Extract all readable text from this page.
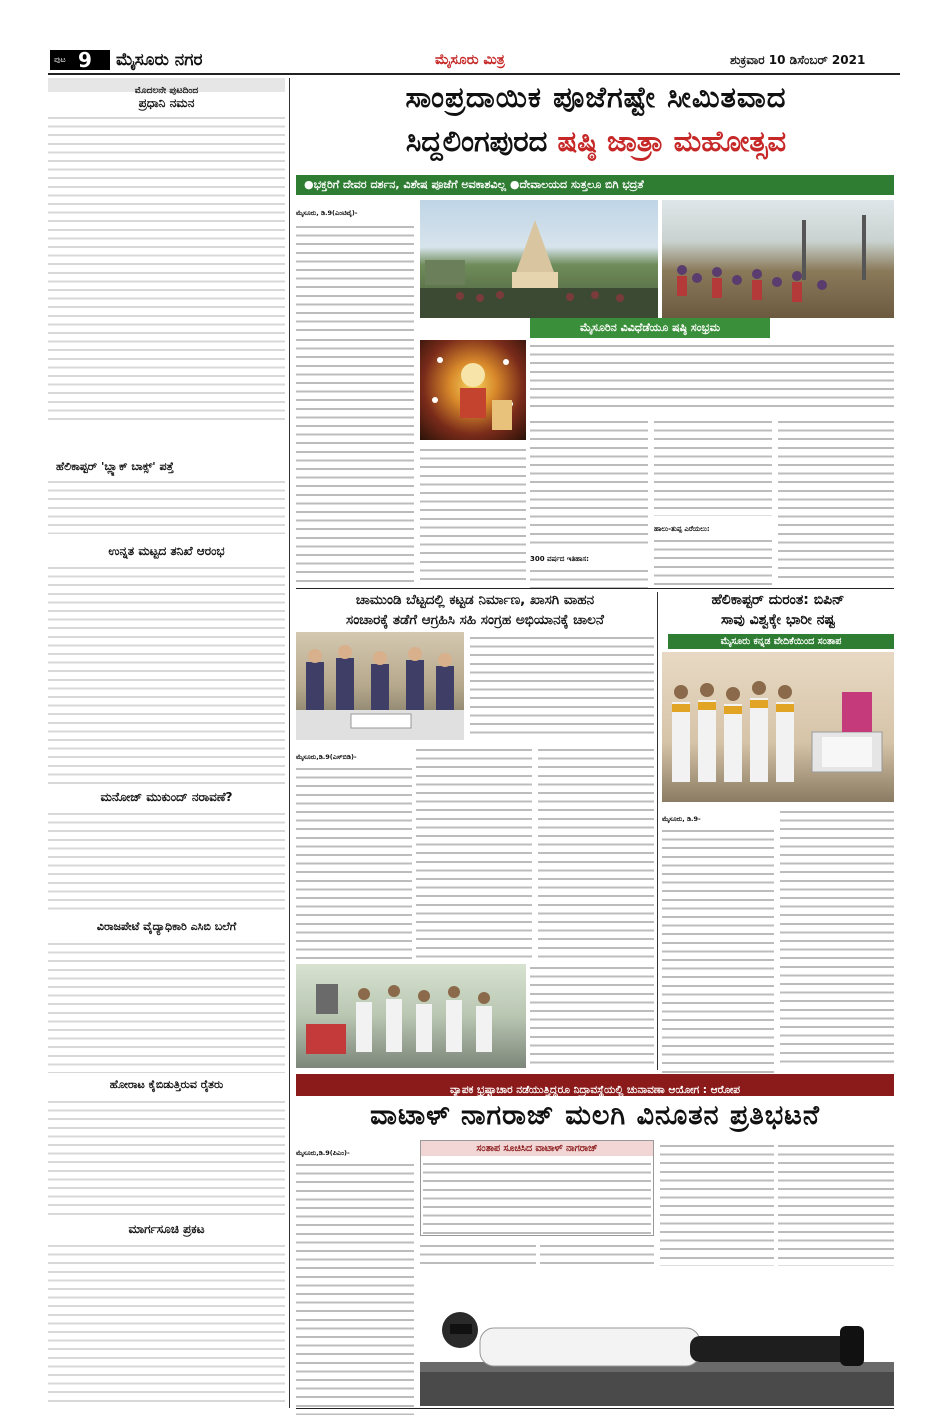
ಪುಟ 9 ಮೈಸೂರು ನಗರ	ಮೈಸೂರು ಮಿತ್ರ	ಶುಕ್ರವಾರ 10 ಡಿಸೆಂಬರ್ 2021
ಮೊದಲನೇ ಪುಟದಿಂದ
ಪ್ರಧಾನಿ ನಮನ
ಹೆಲಿಕಾಪ್ಟರ್ 'ಬ್ಲ್ಯಾಕ್ ಬಾಕ್ಸ್' ಪತ್ತೆ
ಉನ್ನತ ಮಟ್ಟದ ತನಿಖೆ ಆರಂಭ
ಮನೋಜ್ ಮುಕುಂದ್ ನರಾವಣೆ?
ವಿರಾಜಪೇಟೆ ವೈದ್ಯಾಧಿಕಾರಿ ಎಸಿಬಿ ಬಲೆಗೆ
ಹೋರಾಟ ಕೈಬಿಡುತ್ತಿರುವ ರೈತರು
ಮಾರ್ಗಸೂಚಿ ಪ್ರಕಟ
ಸಾಂಪ್ರದಾಯಿಕ ಪೂಜೆಗಷ್ಟೇ ಸೀಮಿತವಾದ
ಸಿದ್ದಲಿಂಗಪುರದ ಷಷ್ಠಿ ಜಾತ್ರಾ ಮಹೋತ್ಸವ
●ಭಕ್ತರಿಗೆ ದೇವರ ದರ್ಶನ, ವಿಶೇಷ ಪೂಜೆಗೆ ಅವಕಾಶವಿಲ್ಲ ●ದೇವಾಲಯದ ಸುತ್ತಲೂ ಬಿಗಿ ಭದ್ರತೆ
ಮೈಸೂರು, ಡಿ.9(ಎಂಟಿವೈ)-
ಮೈಸೂರಿನ ವಿವಿಧೆಡೆಯೂ ಷಷ್ಠಿ ಸಂಭ್ರಮ
300 ವರ್ಷದ ಇತಿಹಾಸ:
ಹಾಲು-ತುಪ್ಪ ಎರೆಯಲು:
ಚಾಮುಂಡಿ ಬೆಟ್ಟದಲ್ಲಿ ಕಟ್ಟಡ ನಿರ್ಮಾಣ, ಖಾಸಗಿ ವಾಹನ
ಸಂಚಾರಕ್ಕೆ ತಡೆಗೆ ಆಗ್ರಹಿಸಿ ಸಹಿ ಸಂಗ್ರಹ ಅಭಿಯಾನಕ್ಕೆ ಚಾಲನೆ
ಮೈಸೂರು,ಡಿ.9(ಎಸ್‌ಬಿಡಿ)-
ಹೆಲಿಕಾಪ್ಟರ್ ದುರಂತ: ಬಿಪಿನ್
ಸಾವು ವಿಶ್ವಕ್ಕೇ ಭಾರೀ ನಷ್ಟ
ಮೈಸೂರು ಕನ್ನಡ ವೇದಿಕೆಯಿಂದ ಸಂತಾಪ
ಮೈಸೂರು, ಡಿ.9-
ವ್ಯಾಪಕ ಭ್ರಷ್ಟಾಚಾರ ನಡೆಯುತ್ತಿದ್ದರೂ ನಿದ್ರಾವಸ್ಥೆಯಲ್ಲಿ ಚುನಾವಣಾ ಆಯೋಗ : ಆರೋಪ
ವಾಟಾಳ್ ನಾಗರಾಜ್ ಮಲಗಿ ವಿನೂತನ ಪ್ರತಿಭಟನೆ
ಮೈಸೂರು,ಡಿ.9(ಪಿಎಂ)-	ಸಂತಾಪ ಸೂಚಿಸಿದ ವಾಟಾಳ್ ನಾಗರಾಜ್
